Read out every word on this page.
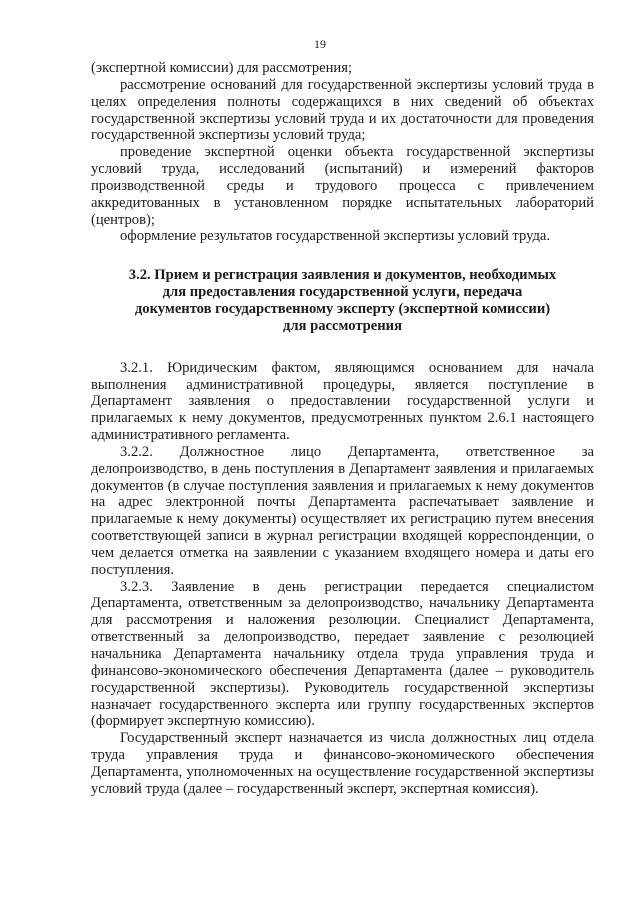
19

(экспертной комиссии) для рассмотрения;

рассмотрение оснований для государственной экспертизы условий труда в целях определения полноты содержащихся в них сведений об объектах государственной экспертизы условий труда и их достаточности для проведения государственной экспертизы условий труда;

проведение экспертной оценки объекта государственной экспертизы условий труда, исследований (испытаний) и измерений факторов производственной среды и трудового процесса с привлечением аккредитованных в установленном порядке испытательных лабораторий (центров);

оформление результатов государственной экспертизы условий труда.

3.2. Прием и регистрация заявления и документов, необходимых
для предоставления государственной услуги, передача
документов государственному эксперту (экспертной комиссии)
для рассмотрения

3.2.1. Юридическим фактом, являющимся основанием для начала выполнения административной процедуры, является поступление в Департамент заявления о предоставлении государственной услуги и прилагаемых к нему документов, предусмотренных пунктом 2.6.1 настоящего административного регламента.

3.2.2. Должностное лицо Департамента, ответственное за делопроизводство, в день поступления в Департамент заявления и прилагаемых документов (в случае поступления заявления и прилагаемых к нему документов на адрес электронной почты Департамента распечатывает заявление и прилагаемые к нему документы) осуществляет их регистрацию путем внесения соответствующей записи в журнал регистрации входящей корреспонденции, о чем делается отметка на заявлении с указанием входящего номера и даты его поступления.

3.2.3. Заявление в день регистрации передается специалистом Департамента, ответственным за делопроизводство, начальнику Департамента для рассмотрения и наложения резолюции. Специалист Департамента, ответственный за делопроизводство, передает заявление с резолюцией начальника Департамента начальнику отдела труда управления труда и финансово-экономического обеспечения Департамента (далее – руководитель государственной экспертизы). Руководитель государственной экспертизы назначает государственного эксперта или группу государственных экспертов (формирует экспертную комиссию).

Государственный эксперт назначается из числа должностных лиц отдела труда управления труда и финансово-экономического обеспечения Департамента, уполномоченных на осуществление государственной экспертизы условий труда (далее – государственный эксперт, экспертная комиссия).
